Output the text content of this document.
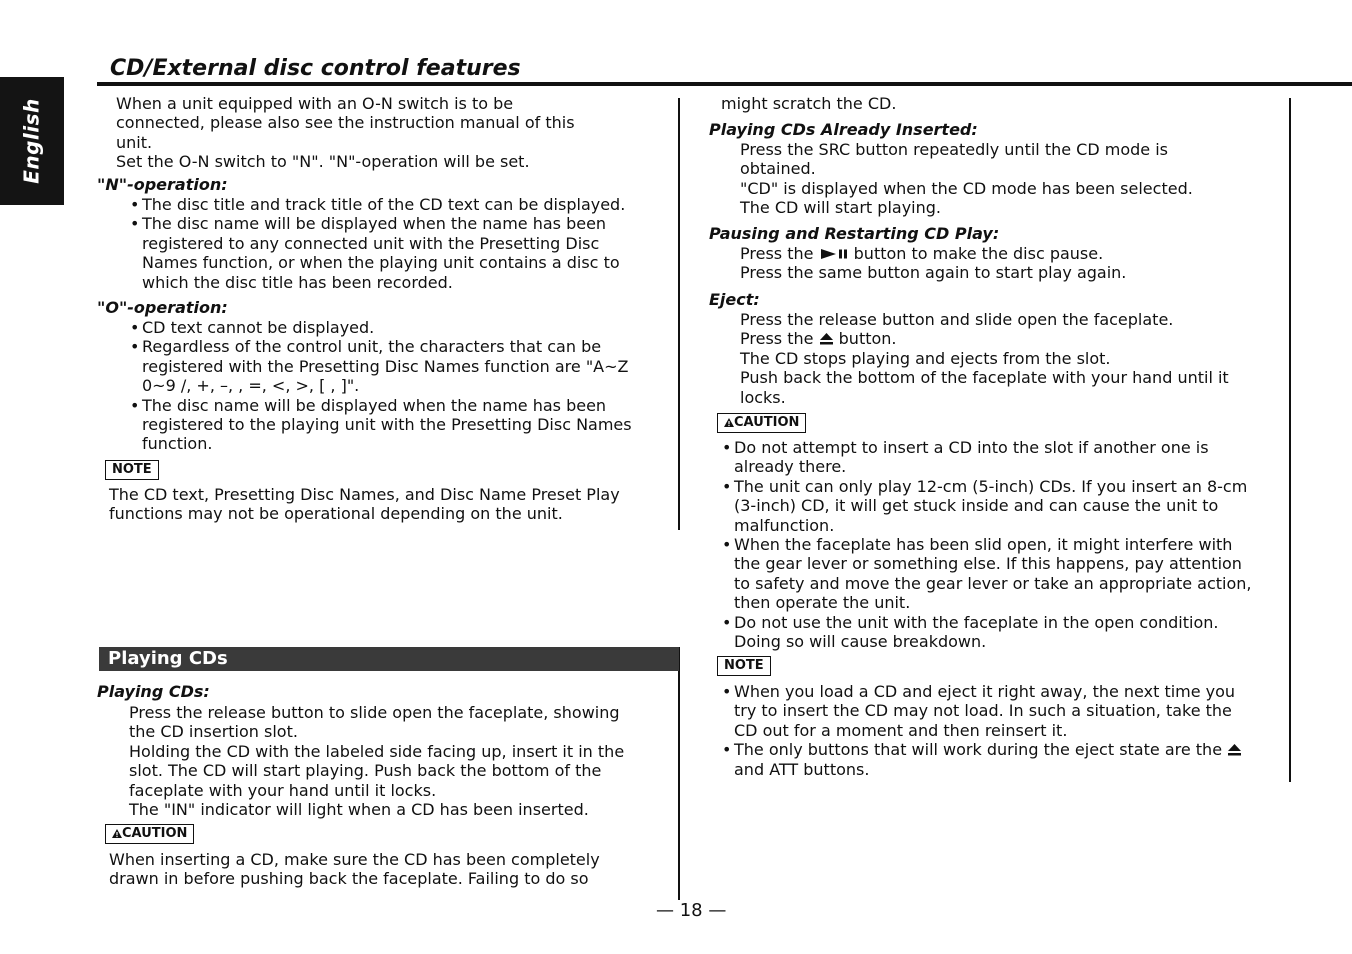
English
CD/External disc control features

When a unit equipped with an O-N switch is to be

connected, please also see the instruction manual of this

unit.

Set the O-N switch to "N". "N"-operation will be set.

"N"-operation:

• The disc title and track title of the CD text can be displayed.

• The disc name will be displayed when the name has been

registered to any connected unit with the Presetting Disc

Names function, or when the playing unit contains a disc to

which the disc title has been recorded.

"O"-operation:

• CD text cannot be displayed.

• Regardless of the control unit, the characters that can be

registered with the Presetting Disc Names function are "A~Z

0~9 /, +, –, , =, <, >, [ , ]".

• The disc name will be displayed when the name has been

registered to the playing unit with the Presetting Disc Names

function.

NOTE

The CD text, Presetting Disc Names, and Disc Name Preset Play

functions may not be operational depending on the unit.

Playing CDs

Playing CDs:

Press the release button to slide open the faceplate, showing

the CD insertion slot.

Holding the CD with the labeled side facing up, insert it in the

slot. The CD will start playing. Push back the bottom of the

faceplate with your hand until it locks.

The "IN" indicator will light when a CD has been inserted.

CAUTION

When inserting a CD, make sure the CD has been completely

drawn in before pushing back the faceplate. Failing to do so

might scratch the CD.

Playing CDs Already Inserted:

Press the SRC button repeatedly until the CD mode is

obtained.

"CD" is displayed when the CD mode has been selected.

The CD will start playing.

Pausing and Restarting CD Play:

Press the	button to make the disc pause.

Press the same button again to start play again.

Eject:

Press the release button and slide open the faceplate.

Press the button.

The CD stops playing and ejects from the slot.

Push back the bottom of the faceplate with your hand until it

locks.

CAUTION

• Do not attempt to insert a CD into the slot if another one is

already there.

• The unit can only play 12-cm (5-inch) CDs. If you insert an 8-cm

(3-inch) CD, it will get stuck inside and can cause the unit to

malfunction.

• When the faceplate has been slid open, it might interfere with

the gear lever or something else. If this happens, pay attention

to safety and move the gear lever or take an appropriate action,

then operate the unit.

• Do not use the unit with the faceplate in the open condition.

Doing so will cause breakdown.

NOTE

• When you load a CD and eject it right away, the next time you

try to insert the CD may not load. In such a situation, take the

CD out for a moment and then reinsert it.

• The only buttons that will work during the eject state are the

and ATT buttons.

— 18 —
